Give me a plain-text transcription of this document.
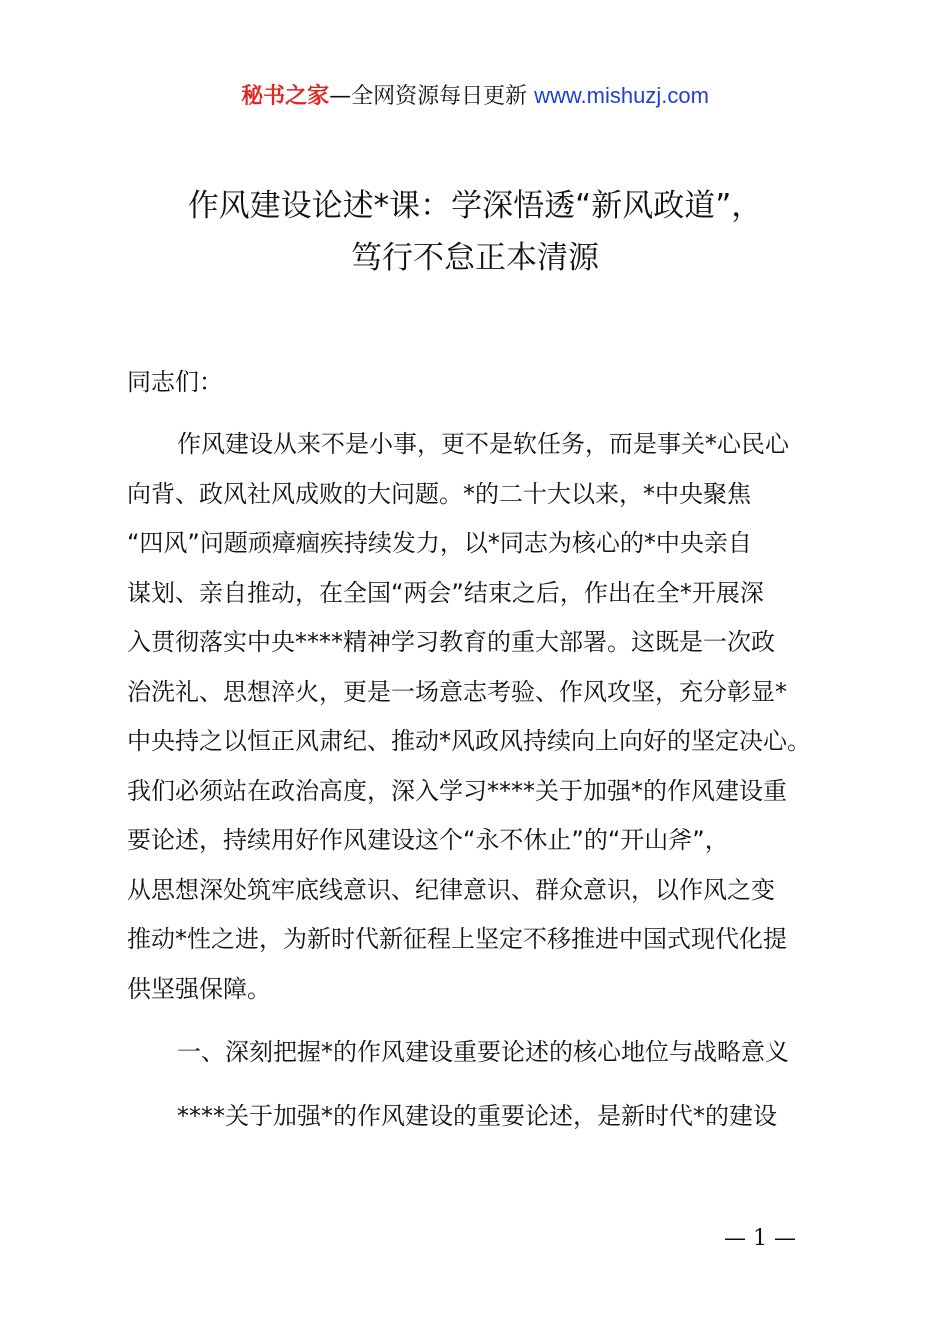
秘书之家—全网资源每日更新 www.mishuzj.com
作风建设论述*课：学深悟透“新风政道”，
笃行不怠正本清源
同志们：
作风建设从来不是小事，更不是软任务，而是事关*心民心
向背、政风社风成败的大问题。*的二十大以来，*中央聚焦
“四风”问题顽瘴痼疾持续发力，以*同志为核心的*中央亲自
谋划、亲自推动，在全国“两会”结束之后，作出在全*开展深
入贯彻落实中央****精神学习教育的重大部署。这既是一次政
治洗礼、思想淬火，更是一场意志考验、作风攻坚，充分彰显*
中央持之以恒正风肃纪、推动*风政风持续向上向好的坚定决心。
我们必须站在政治高度，深入学习****关于加强*的作风建设重
要论述，持续用好作风建设这个“永不休止”的“开山斧”，
从思想深处筑牢底线意识、纪律意识、群众意识，以作风之变
推动*性之进，为新时代新征程上坚定不移推进中国式现代化提
供坚强保障。
一、深刻把握*的作风建设重要论述的核心地位与战略意义
****关于加强*的作风建设的重要论述，是新时代*的建设
— 1 —
